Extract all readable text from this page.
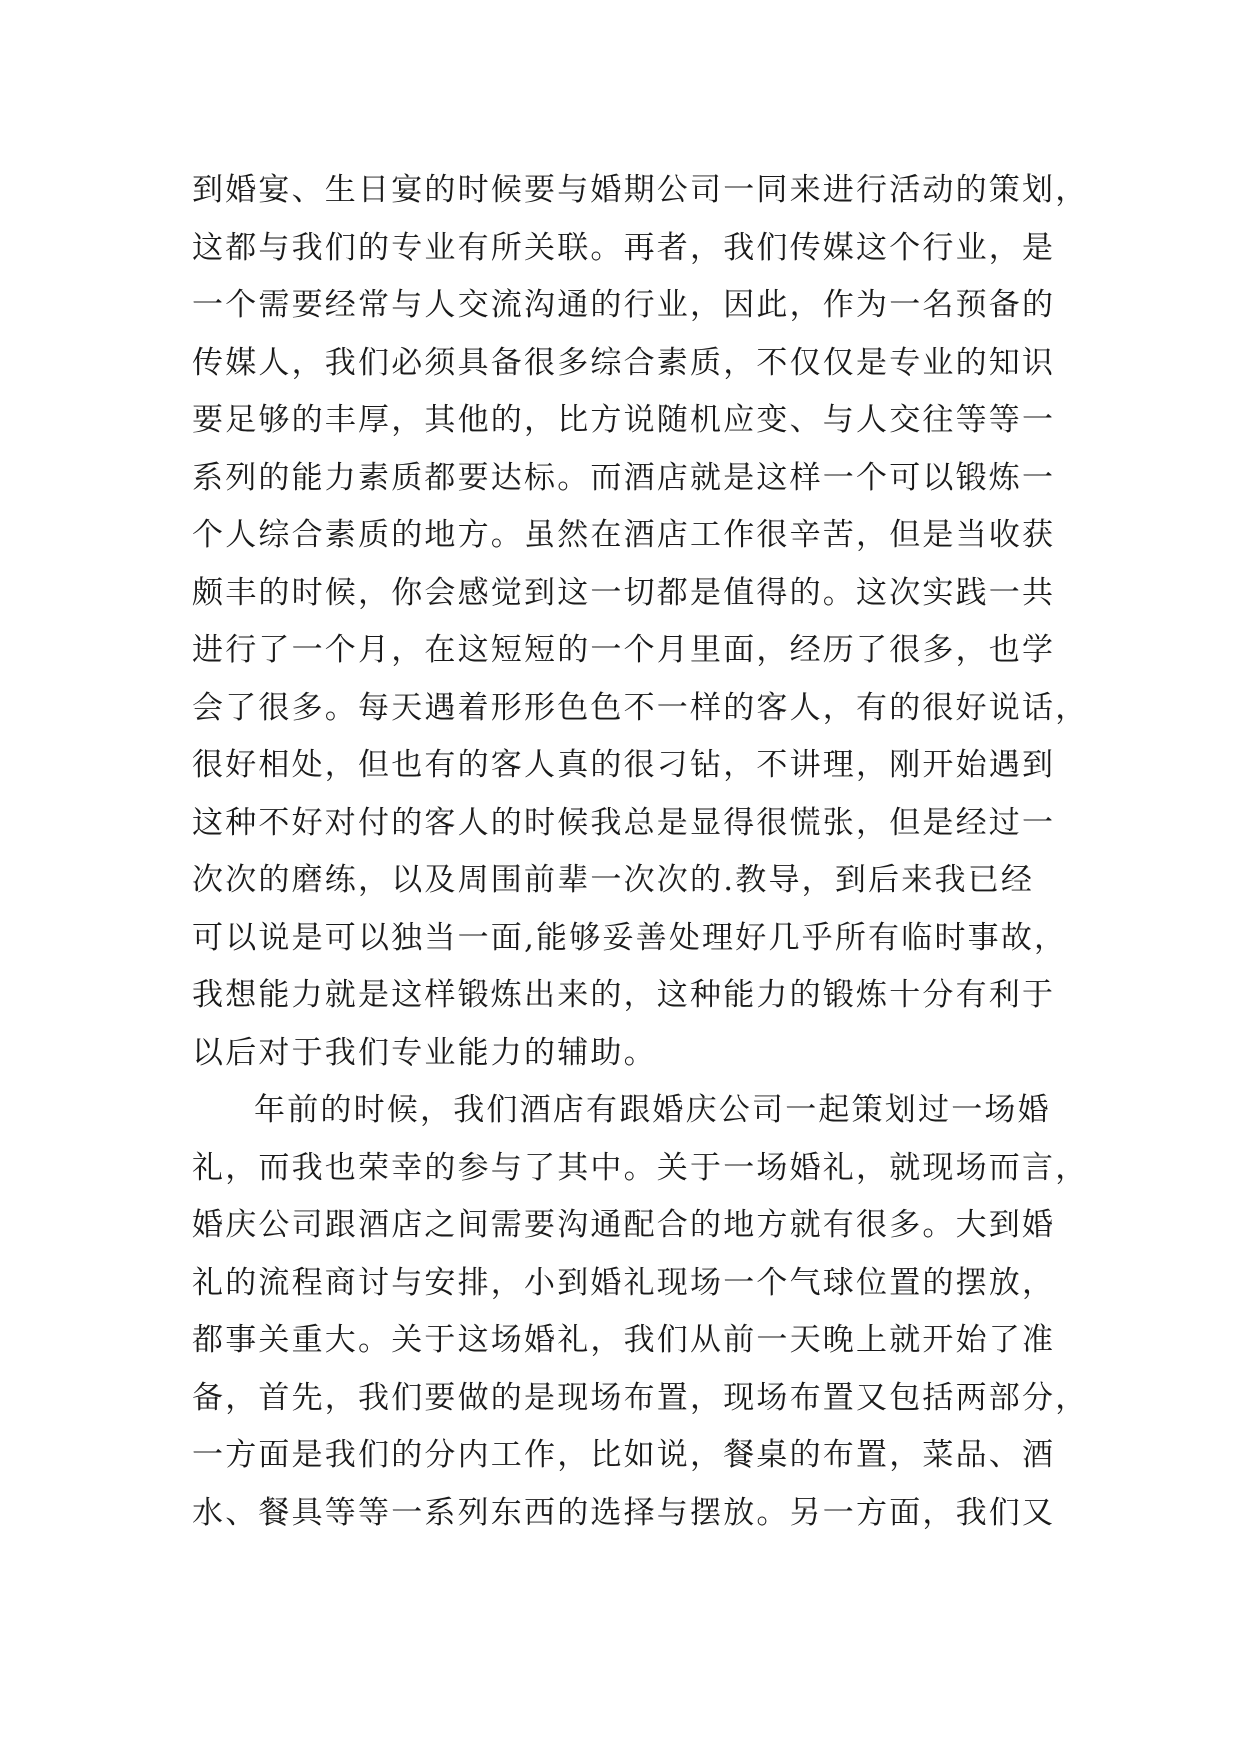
到婚宴、生日宴的时候要与婚期公司一同来进行活动的策划，
这都与我们的专业有所关联。再者，我们传媒这个行业，是
一个需要经常与人交流沟通的行业，因此，作为一名预备的
传媒人，我们必须具备很多综合素质，不仅仅是专业的知识
要足够的丰厚，其他的，比方说随机应变、与人交往等等一
系列的能力素质都要达标。而酒店就是这样一个可以锻炼一
个人综合素质的地方。虽然在酒店工作很辛苦，但是当收获
颇丰的时候，你会感觉到这一切都是值得的。这次实践一共
进行了一个月，在这短短的一个月里面，经历了很多，也学
会了很多。每天遇着形形色色不一样的客人，有的很好说话，
很好相处，但也有的客人真的很刁钻，不讲理，刚开始遇到
这种不好对付的客人的时候我总是显得很慌张，但是经过一
次次的磨练，以及周围前辈一次次的.教导，到后来我已经
可以说是可以独当一面,能够妥善处理好几乎所有临时事故，
我想能力就是这样锻炼出来的，这种能力的锻炼十分有利于
以后对于我们专业能力的辅助。
年前的时候，我们酒店有跟婚庆公司一起策划过一场婚
礼，而我也荣幸的参与了其中。关于一场婚礼，就现场而言，
婚庆公司跟酒店之间需要沟通配合的地方就有很多。大到婚
礼的流程商讨与安排，小到婚礼现场一个气球位置的摆放，
都事关重大。关于这场婚礼，我们从前一天晚上就开始了准
备，首先，我们要做的是现场布置，现场布置又包括两部分，
一方面是我们的分内工作，比如说，餐桌的布置，菜品、酒
水、餐具等等一系列东西的选择与摆放。另一方面，我们又
